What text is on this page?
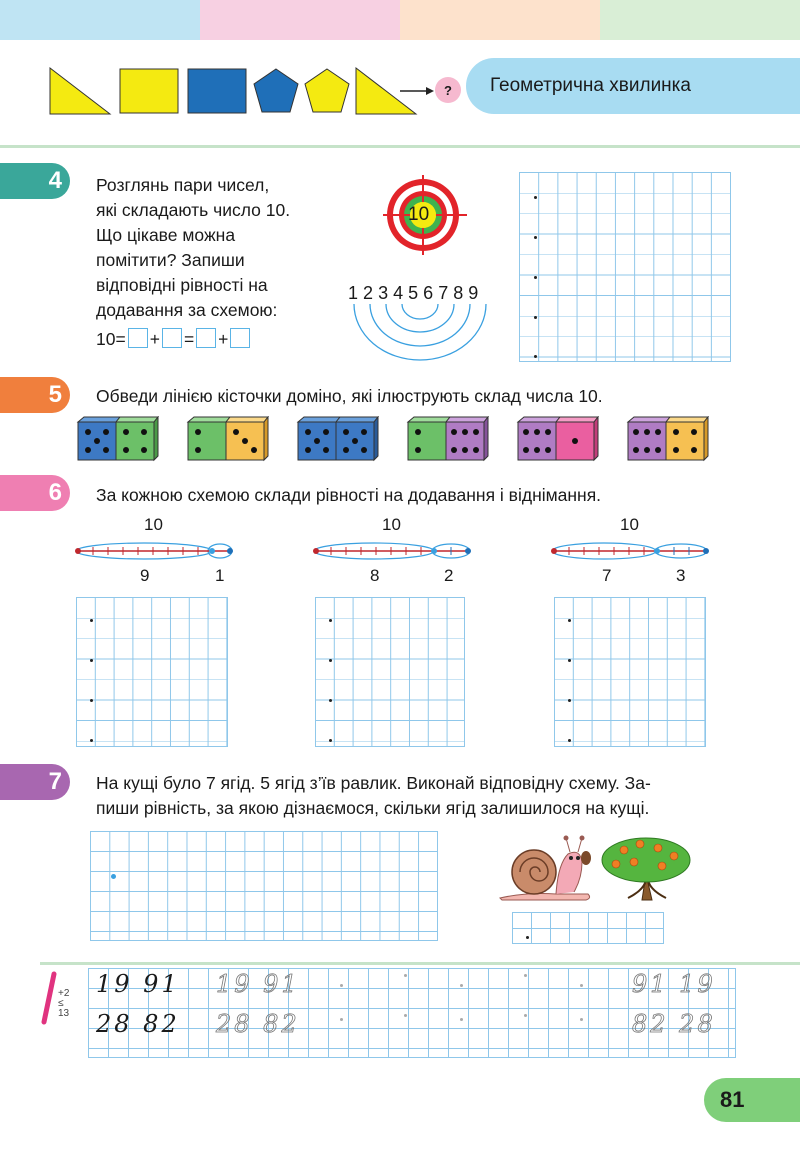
?	Геометрична хвилинка
4	Розглянь пари чисел,
які складають число 10.
Що цікаве можна
помітити? Запиши
відповідні рівності на
додавання за схемою:
10= + = +
10
1 2 3 4 5 6 7 8 9
5	Обведи лінією кісточки доміно, які ілюструють склад числа 10.
6	За кожною схемою склади рівності на додавання і віднімання.
10
9	1
10
8	2
10
7	3
7	На кущі було 7 ягід. 5 ягід з’їв равлик. Виконай відповідну схему. За-
пиши рівність, за якою дізнаємося, скільки ягід залишилося на кущі.
+2
≤
13
19 91 19 91	91 19
28 82 28 82	82 28
81
